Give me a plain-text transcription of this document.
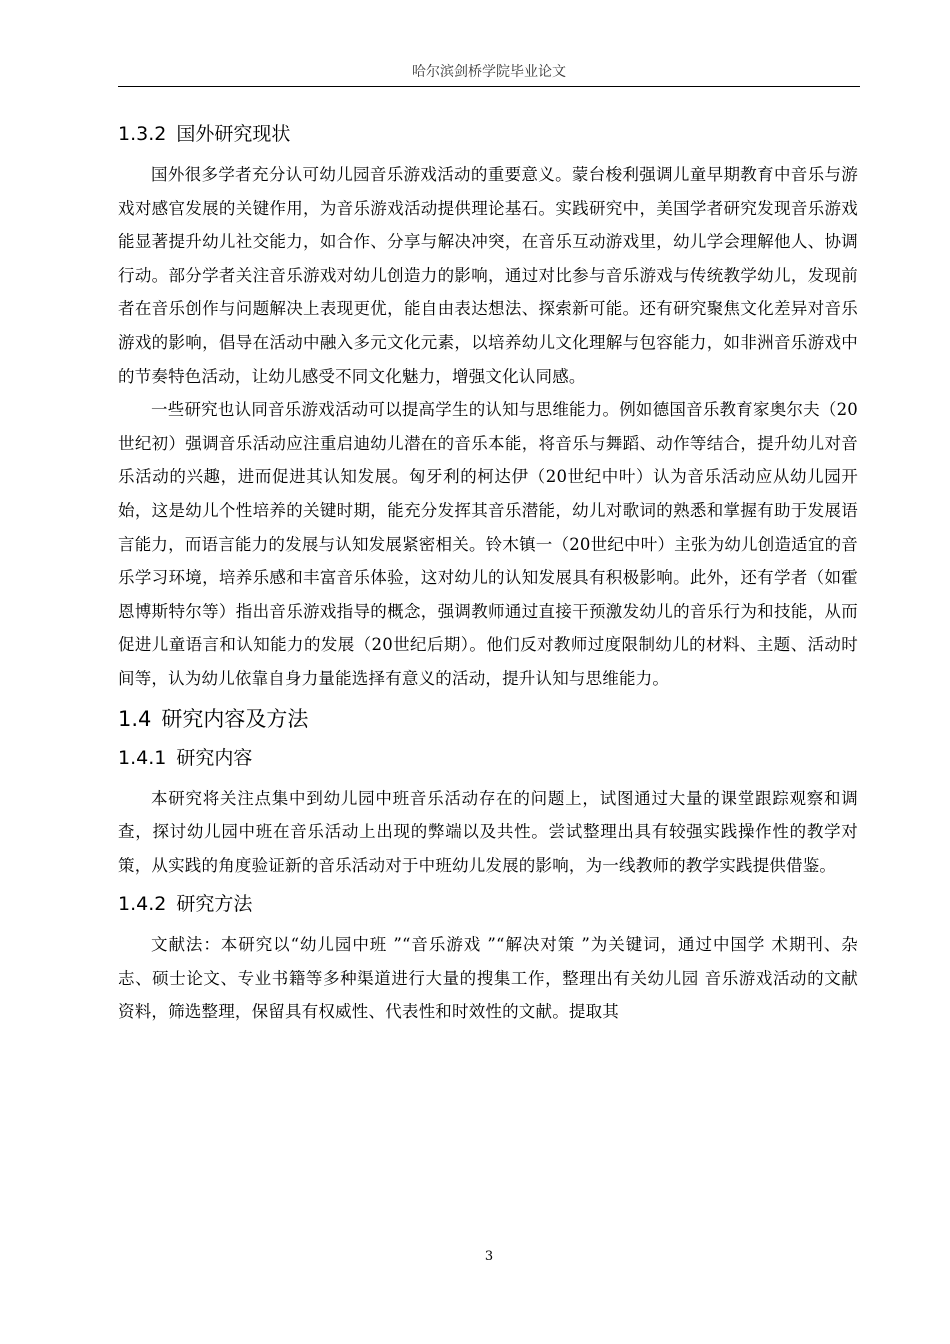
哈尔滨剑桥学院毕业论文
1.3.2 国外研究现状

国外很多学者充分认可幼儿园音乐游戏活动的重要意义。蒙台梭利强调儿童早期教育中音乐与游戏对感官发展的关键作用，为音乐游戏活动提供理论基石。实践研究中，美国学者研究发现音乐游戏能显著提升幼儿社交能力，如合作、分享与解决冲突，在音乐互动游戏里，幼儿学会理解他人、协调行动。部分学者关注音乐游戏对幼儿创造力的影响，通过对比参与音乐游戏与传统教学幼儿，发现前者在音乐创作与问题解决上表现更优，能自由表达想法、探索新可能。还有研究聚焦文化差异对音乐游戏的影响，倡导在活动中融入多元文化元素，以培养幼儿文化理解与包容能力，如非洲音乐游戏中的节奏特色活动，让幼儿感受不同文化魅力，增强文化认同感。

一些研究也认同音乐游戏活动可以提高学生的认知与思维能力。例如德国音乐教育家奥尔夫（20世纪初）强调音乐活动应注重启迪幼儿潜在的音乐本能，将音乐与舞蹈、动作等结合，提升幼儿对音乐活动的兴趣，进而促进其认知发展。匈牙利的柯达伊（20世纪中叶）认为音乐活动应从幼儿园开始，这是幼儿个性培养的关键时期，能充分发挥其音乐潜能，幼儿对歌词的熟悉和掌握有助于发展语言能力，而语言能力的发展与认知发展紧密相关。铃木镇一（20世纪中叶）主张为幼儿创造适宜的音乐学习环境，培养乐感和丰富音乐体验，这对幼儿的认知发展具有积极影响。此外，还有学者（如霍恩博斯特尔等）指出音乐游戏指导的概念，强调教师通过直接干预激发幼儿的音乐行为和技能，从而促进儿童语言和认知能力的发展（20世纪后期）。他们反对教师过度限制幼儿的材料、主题、活动时间等，认为幼儿依靠自身力量能选择有意义的活动，提升认知与思维能力。

1.4 研究内容及方法
1.4.1 研究内容

本研究将关注点集中到幼儿园中班音乐活动存在的问题上，试图通过大量的课堂跟踪观察和调查，探讨幼儿园中班在音乐活动上出现的弊端以及共性。尝试整理出具有较强实践操作性的教学对策，从实践的角度验证新的音乐活动对于中班幼儿发展的影响，为一线教师的教学实践提供借鉴。

1.4.2 研究方法

文献法：本研究以“幼儿园中班 ”“音乐游戏 ”“解决对策 ”为关键词，通过中国学 术期刊、杂志、硕士论文、专业书籍等多种渠道进行大量的搜集工作，整理出有关幼儿园 音乐游戏活动的文献资料，筛选整理，保留具有权威性、代表性和时效性的文献。提取其

3
